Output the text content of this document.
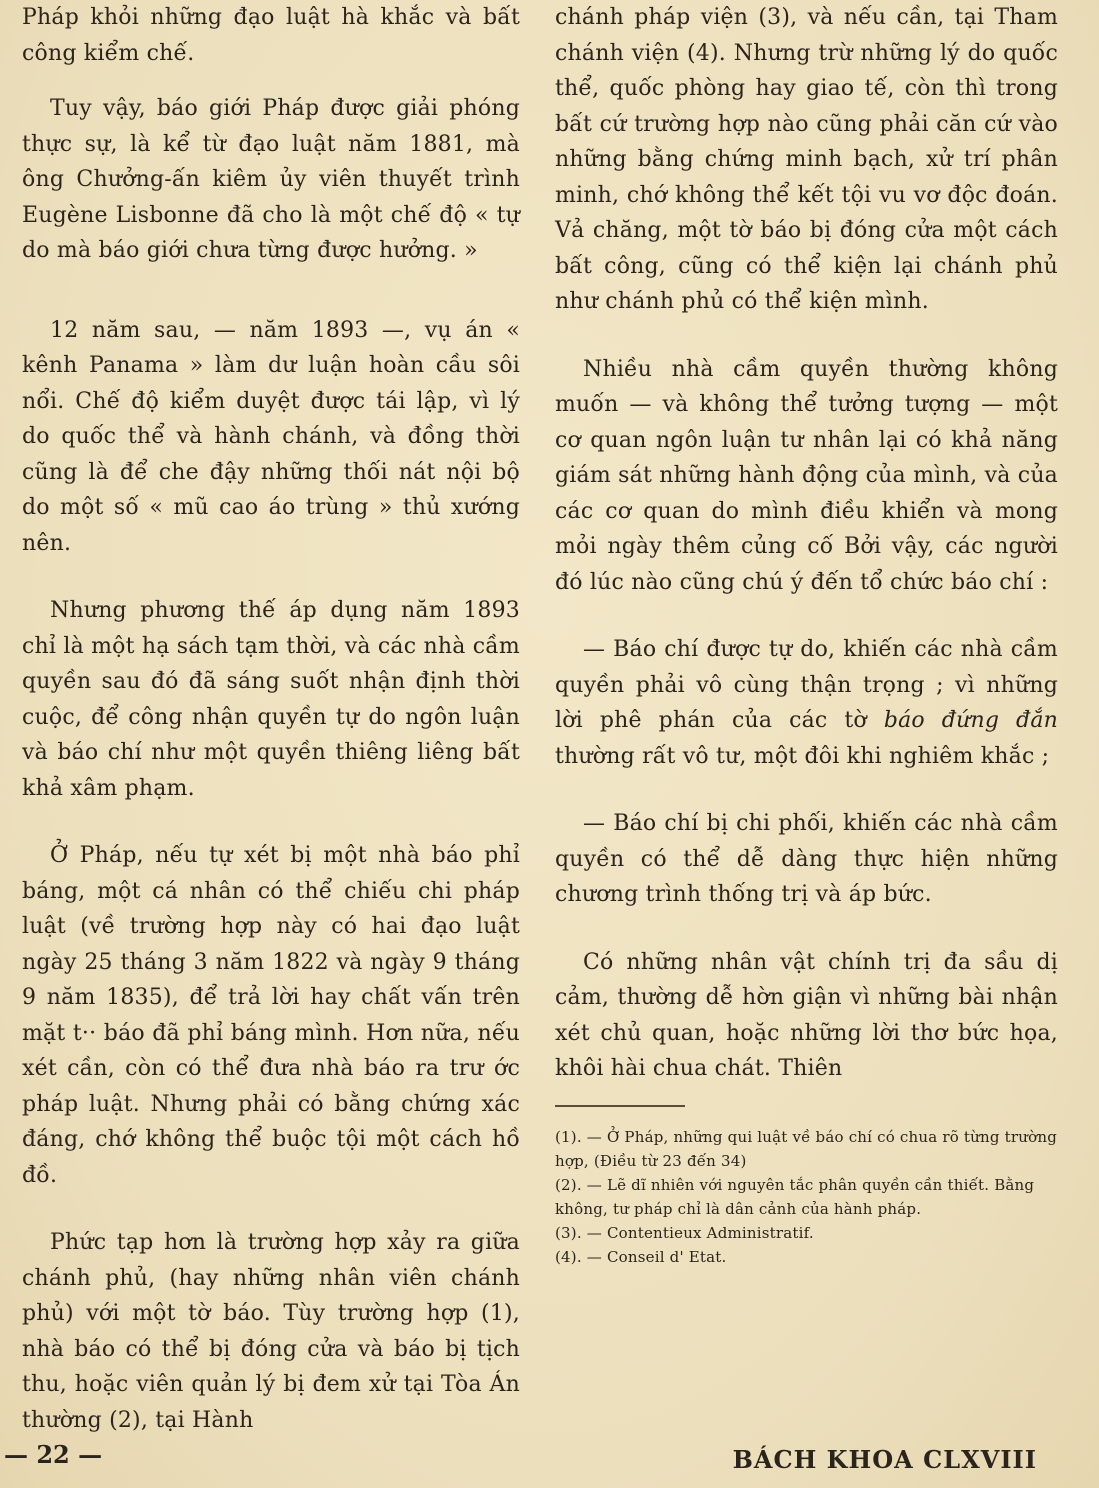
Pháp khỏi những đạo luật hà khắc và bất công kiểm chế.

Tuy vậy, báo giới Pháp được giải phóng thực sự, là kể từ đạo luật năm 1881, mà ông Chưởng-ấn kiêm ủy viên thuyết trình Eugène Lisbonne đã cho là một chế độ « tự do mà báo giới chưa từng được hưởng. »

12 năm sau, — năm 1893 —, vụ án « kênh Panama » làm dư luận hoàn cầu sôi nổi. Chế độ kiểm duyệt được tái lập, vì lý do quốc thể và hành chánh, và đồng thời cũng là để che đậy những thối nát nội bộ do một số « mũ cao áo trùng » thủ xướng nên.

Nhưng phương thế áp dụng năm 1893 chỉ là một hạ sách tạm thời, và các nhà cầm quyền sau đó đã sáng suốt nhận định thời cuộc, để công nhận quyền tự do ngôn luận và báo chí như một quyền thiêng liêng bất khả xâm phạm.

Ở Pháp, nếu tự xét bị một nhà báo phỉ báng, một cá nhân có thể chiếu chi pháp luật (về trường hợp này có hai đạo luật ngày 25 tháng 3 năm 1822 và ngày 9 tháng 9 năm 1835), để trả lời hay chất vấn trên mặt t·· báo đã phỉ báng mình. Hơn nữa, nếu xét cần, còn có thể đưa nhà báo ra trư ớc pháp luật. Nhưng phải có bằng chứng xác đáng, chớ không thể buộc tội một cách hồ đồ.

Phức tạp hơn là trường hợp xảy ra giữa chánh phủ, (hay những nhân viên chánh phủ) với một tờ báo. Tùy trường hợp (1), nhà báo có thể bị đóng cửa và báo bị tịch thu, hoặc viên quản lý bị đem xử tại Tòa Án thường (2), tại Hành

chánh pháp viện (3), và nếu cần, tại Tham chánh viện (4). Nhưng trừ những lý do quốc thể, quốc phòng hay giao tế, còn thì trong bất cứ trường hợp nào cũng phải căn cứ vào những bằng chứng minh bạch, xử trí phân minh, chớ không thể kết tội vu vơ độc đoán. Vả chăng, một tờ báo bị đóng cửa một cách bất công, cũng có thể kiện lại chánh phủ như chánh phủ có thể kiện mình.

Nhiều nhà cầm quyền thường không muốn — và không thể tưởng tượng — một cơ quan ngôn luận tư nhân lại có khả năng giám sát những hành động của mình, và của các cơ quan do mình điều khiển và mong mỏi ngày thêm củng cố Bởi vậy, các người đó lúc nào cũng chú ý đến tổ chức báo chí :

— Báo chí được tự do, khiến các nhà cầm quyền phải vô cùng thận trọng ; vì những lời phê phán của các tờ báo đứng đắn thường rất vô tư, một đôi khi nghiêm khắc ;

— Báo chí bị chi phối, khiến các nhà cầm quyền có thể dễ dàng thực hiện những chương trình thống trị và áp bức.

Có những nhân vật chính trị đa sầu dị cảm, thường dễ hờn giận vì những bài nhận xét chủ quan, hoặc những lời thơ bức họa, khôi hài chua chát. Thiên

(1). — Ở Pháp, những qui luật về báo chí có chua rõ từng trường hợp, (Điều từ 23 đến 34)

(2). — Lẽ dĩ nhiên với nguyên tắc phân quyền cần thiết. Bằng không, tư pháp chỉ là dân cảnh của hành pháp.

(3). — Contentieux Administratif.

(4). — Conseil d' Etat.

— 22 —	BÁCH KHOA CLXVIII
